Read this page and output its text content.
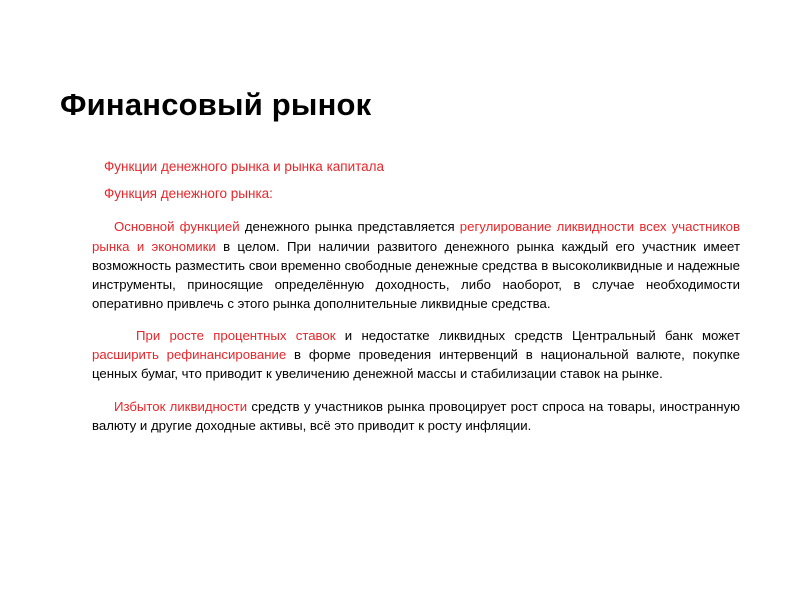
Финансовый рынок
Функции денежного рынка и рынка капитала
Функция денежного рынка:

Основной функцией денежного рынка представляется регулирование ликвидности всех участников рынка и экономики в целом. При наличии развитого денежного рынка каждый его участник имеет возможность разместить свои временно свободные денежные средства в высоколиквидные и надежные инструменты, приносящие определённую доходность, либо наоборот, в случае необходимости оперативно привлечь с этого рынка дополнительные ликвидные средства.

При росте процентных ставок и недостатке ликвидных средств Центральный банк может расширить рефинансирование в форме проведения интервенций в национальной валюте, покупке ценных бумаг, что приводит к увеличению денежной массы и стабилизации ставок на рынке.

Избыток ликвидности средств у участников рынка провоцирует рост спроса на товары, иностранную валюту и другие доходные активы, всё это приводит к росту инфляции.
